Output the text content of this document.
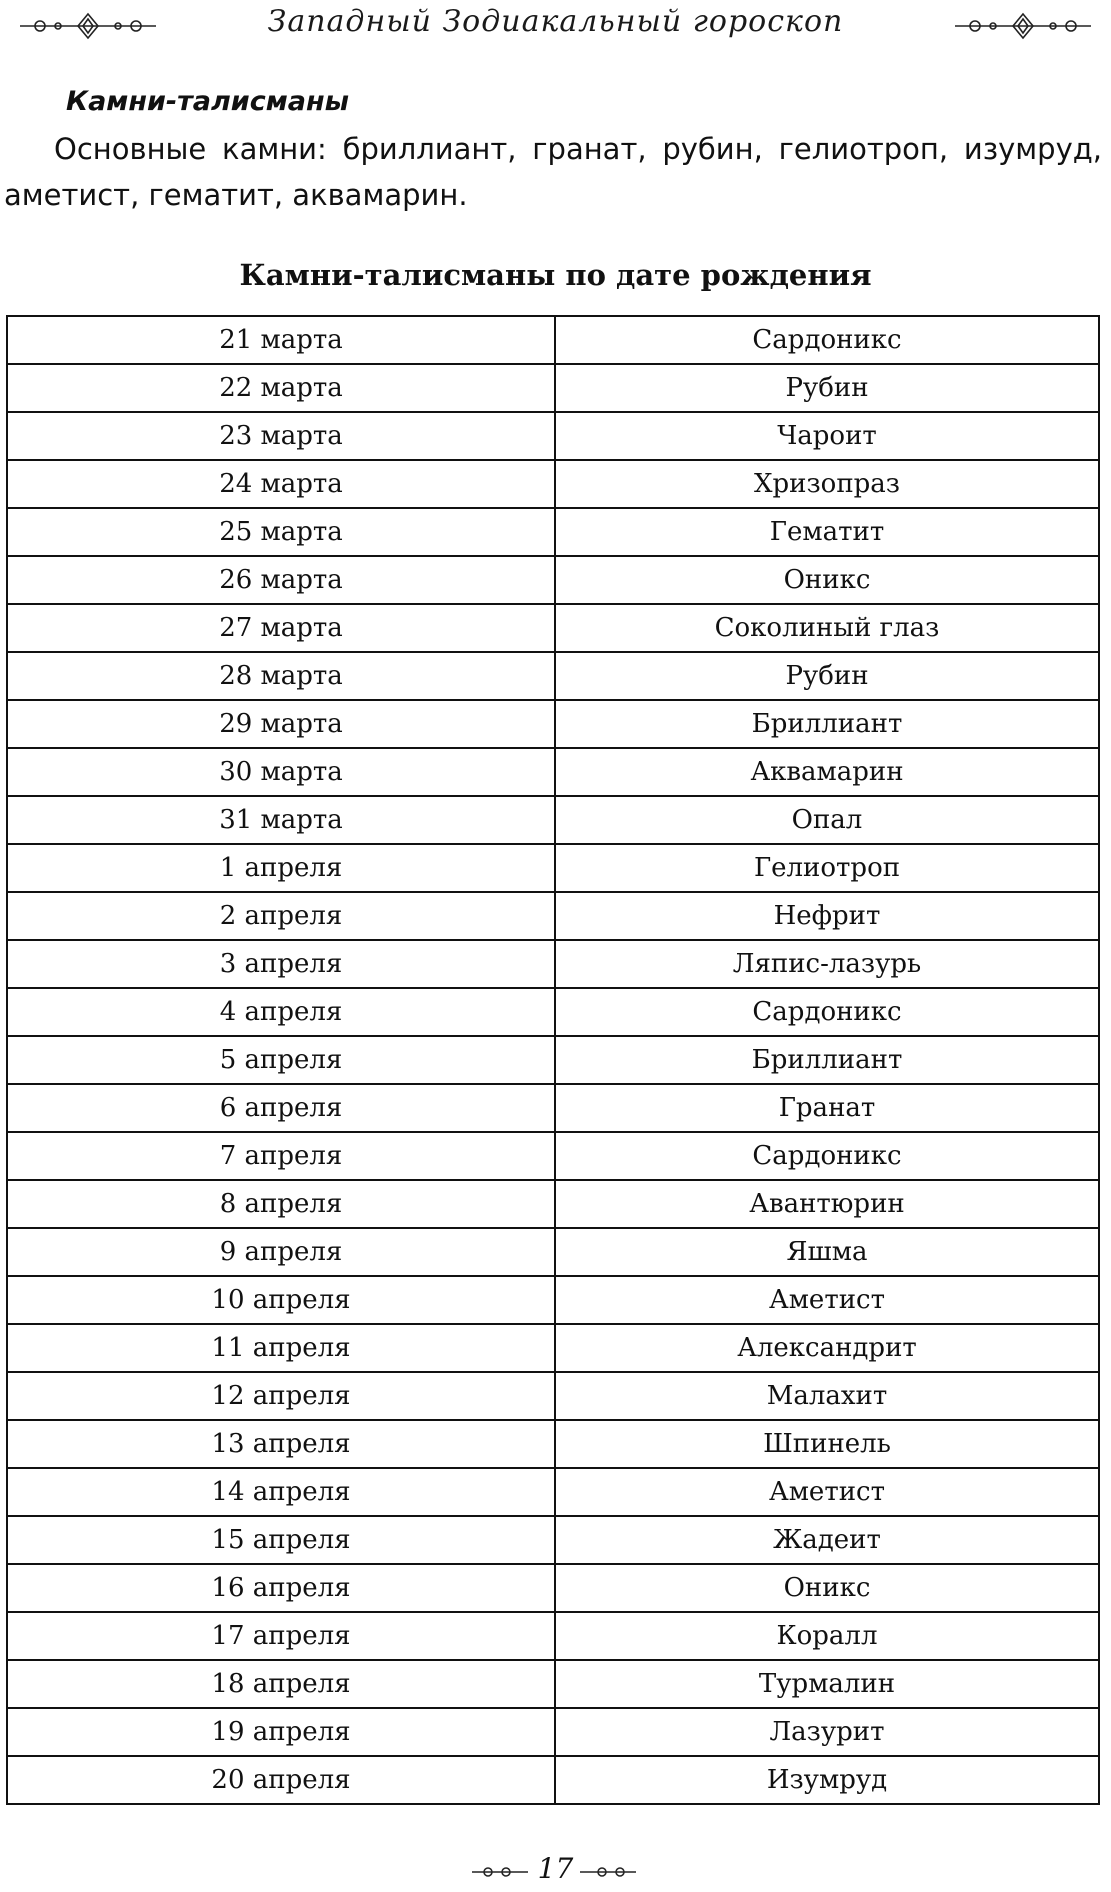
Западный Зодиакальный гороскоп
Камни-талисманы

Основные камни: бриллиант, гранат, рубин, гелиотроп, изумруд, аметист, гематит, аквамарин.

Камни-талисманы по дате рождения
21 марта	Сардоникс
22 марта	Рубин
23 марта	Чароит
24 марта	Хризопраз
25 марта	Гематит
26 марта	Оникс
27 марта	Соколиный глаз
28 марта	Рубин
29 марта	Бриллиант
30 марта	Аквамарин
31 марта	Опал
1 апреля	Гелиотроп
2 апреля	Нефрит
3 апреля	Ляпис-лазурь
4 апреля	Сардоникс
5 апреля	Бриллиант
6 апреля	Гранат
7 апреля	Сардоникс
8 апреля	Авантюрин
9 апреля	Яшма
10 апреля	Аметист
11 апреля	Александрит
12 апреля	Малахит
13 апреля	Шпинель
14 апреля	Аметист
15 апреля	Жадеит
16 апреля	Оникс
17 апреля	Коралл
18 апреля	Турмалин
19 апреля	Лазурит
20 апреля	Изумруд
17
